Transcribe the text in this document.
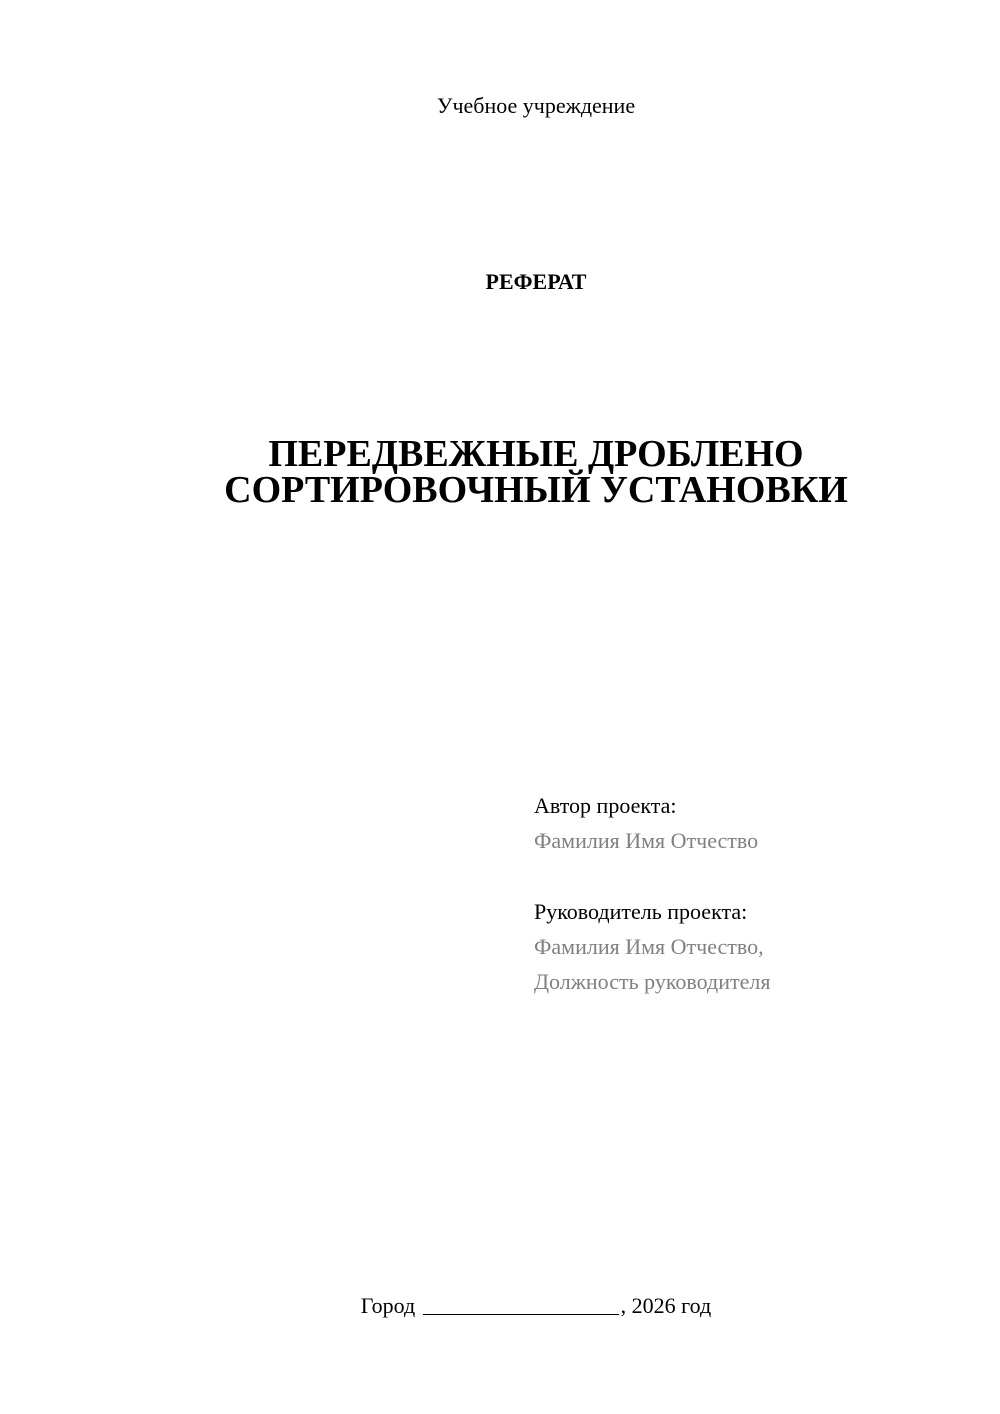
Учебное учреждение
РЕФЕРАТ
ПЕРЕДВЕЖНЫЕ ДРОБЛЕНО
СОРТИРОВОЧНЫЙ УСТАНОВКИ
Автор проекта:
Фамилия Имя Отчество
Руководитель проекта:
Фамилия Имя Отчество,
Должность руководителя
Город	, 2026 год
